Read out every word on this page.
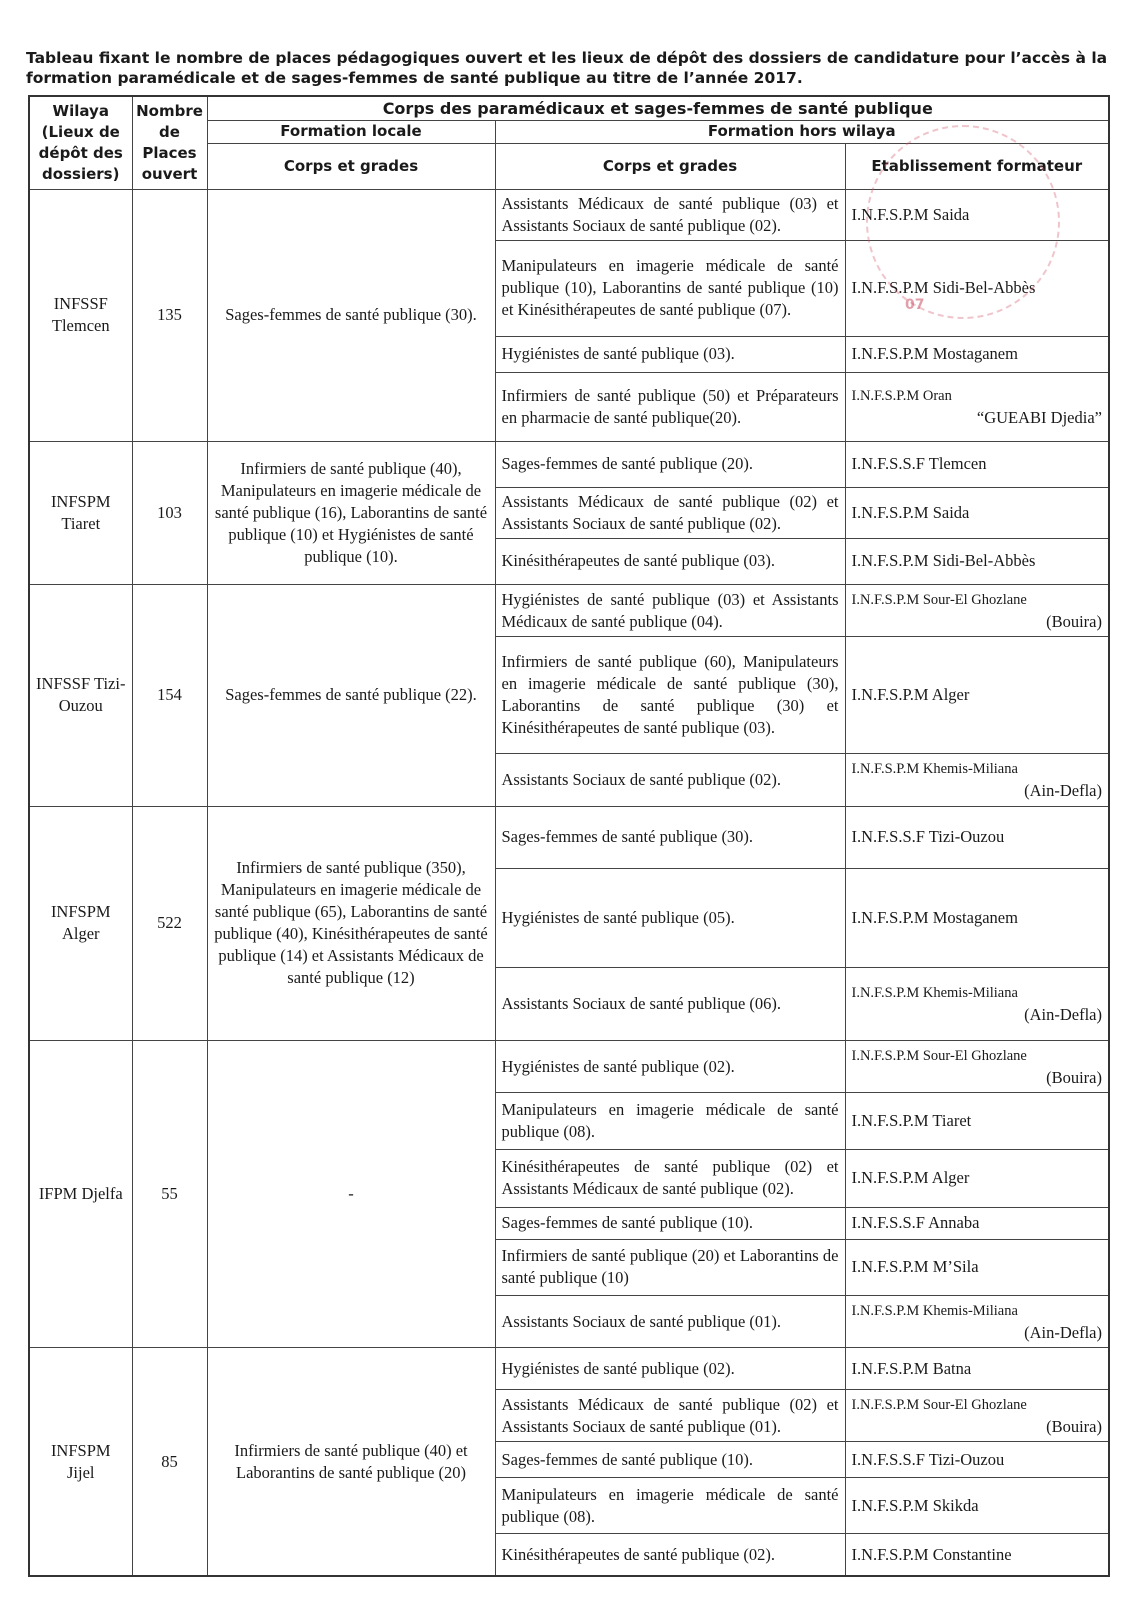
Tableau fixant le nombre de places pédagogiques ouvert et les lieux de dépôt des dossiers de candidature pour l’accès à la formation paramédicale et de sages-femmes de santé publique au titre de l’année 2017.
Wilaya (Lieux de dépôt des dossiers)	Nombre de Places ouvert	Corps des paramédicaux et sages-femmes de santé publique		
		Formation locale	Formation hors wilaya	
		Corps et grades	Corps et grades	Etablissement formateur
INFSSF Tlemcen	135	Sages-femmes de santé publique (30).	Assistants Médicaux de santé publique (03) et Assistants Sociaux de santé publique (02).	I.N.F.S.P.M Saida
			Manipulateurs en imagerie médicale de santé publique (10), Laborantins de santé publique (10) et Kinésithérapeutes de santé publique (07).	I.N.F.S.P.M Sidi-Bel-Abbès
			Hygiénistes de santé publique (03).	I.N.F.S.P.M Mostaganem
			Infirmiers de santé publique (50) et Préparateurs en pharmacie de santé publique(20).	I.N.F.S.P.M Oran
“GUEABI Djedia”

INFSPM Tiaret	103	Infirmiers de santé publique (40), Manipulateurs en imagerie médicale de santé publique (16), Laborantins de santé publique (10) et Hygiénistes de santé publique (10).	Sages-femmes de santé publique (20).	I.N.F.S.S.F Tlemcen
			Assistants Médicaux de santé publique (02) et Assistants Sociaux de santé publique (02).	I.N.F.S.P.M Saida
			Kinésithérapeutes de santé publique (03).	I.N.F.S.P.M Sidi-Bel-Abbès
INFSSF Tizi-Ouzou	154	Sages-femmes de santé publique (22).	Hygiénistes de santé publique (03) et Assistants Médicaux de santé publique (04).	I.N.F.S.P.M Sour-El Ghozlane
(Bouira)

			Infirmiers de santé publique (60), Manipulateurs en imagerie médicale de santé publique (30), Laborantins de santé publique (30) et Kinésithérapeutes de santé publique (03).	I.N.F.S.P.M Alger
			Assistants Sociaux de santé publique (02).	I.N.F.S.P.M Khemis-Miliana
(Ain-Defla)

INFSPM Alger	522	Infirmiers de santé publique (350), Manipulateurs en imagerie médicale de santé publique (65), Laborantins de santé publique (40), Kinésithérapeutes de santé publique (14) et Assistants Médicaux de santé publique (12)	Sages-femmes de santé publique (30).	I.N.F.S.S.F Tizi-Ouzou
			Hygiénistes de santé publique (05).	I.N.F.S.P.M Mostaganem
			Assistants Sociaux de santé publique (06).	I.N.F.S.P.M Khemis-Miliana
(Ain-Defla)

IFPM Djelfa	55	-	Hygiénistes de santé publique (02).	I.N.F.S.P.M Sour-El Ghozlane
(Bouira)

			Manipulateurs en imagerie médicale de santé publique (08).	I.N.F.S.P.M Tiaret
			Kinésithérapeutes de santé publique (02) et Assistants Médicaux de santé publique (02).	I.N.F.S.P.M Alger
			Sages-femmes de santé publique (10).	I.N.F.S.S.F Annaba
			Infirmiers de santé publique (20) et Laborantins de santé publique (10)	I.N.F.S.P.M M’Sila
			Assistants Sociaux de santé publique (01).	I.N.F.S.P.M Khemis-Miliana
(Ain-Defla)

INFSPM Jijel	85	Infirmiers de santé publique (40) et Laborantins de santé publique (20)	Hygiénistes de santé publique (02).	I.N.F.S.P.M Batna
			Assistants Médicaux de santé publique (02) et Assistants Sociaux de santé publique (01).	I.N.F.S.P.M Sour-El Ghozlane
(Bouira)

			Sages-femmes de santé publique (10).	I.N.F.S.S.F Tizi-Ouzou
			Manipulateurs en imagerie médicale de santé publique (08).	I.N.F.S.P.M Skikda
			Kinésithérapeutes de santé publique (02).	I.N.F.S.P.M Constantine
07
